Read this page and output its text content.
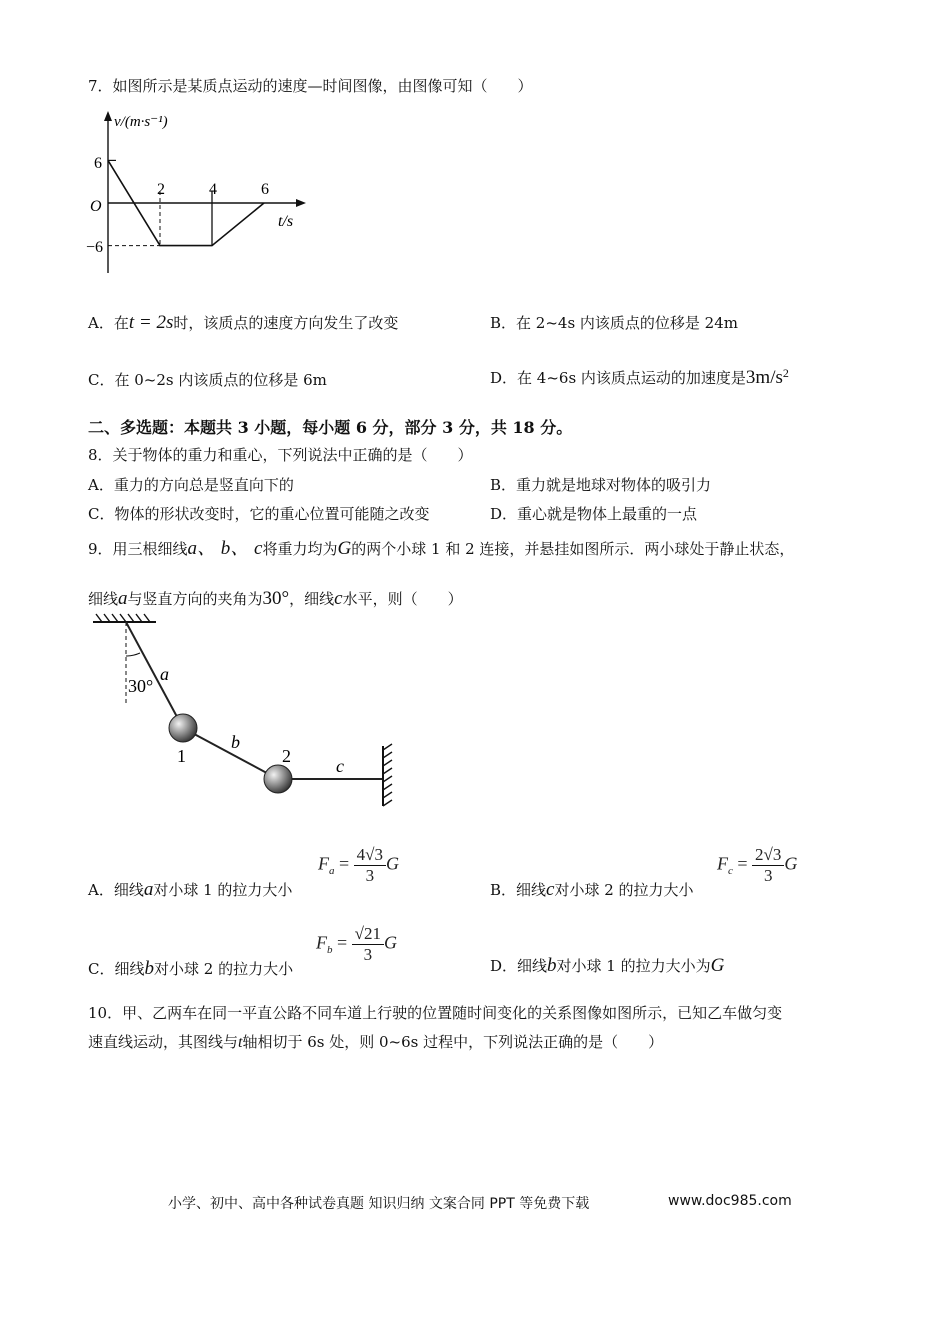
7．如图所示是某质点运动的速度—时间图像，由图像可知（　　）
v/(m·s⁻¹)
t/s
O
6
−6
2	4	6
A．在t = 2s时，该质点的速度方向发生了改变	B．在 2~4s 内该质点的位移是 24m
C．在 0~2s 内该质点的位移是 6m	D．在 4~6s 内该质点运动的加速度是$3m/s^2$
二、多选题：本题共 3 小题，每小题 6 分，部分 3 分，共 18 分。
8．关于物体的重力和重心，下列说法中正确的是（　　）
A．重力的方向总是竖直向下的	B．重力就是地球对物体的吸引力
C．物体的形状改变时，它的重心位置可能随之改变	D．重心就是物体上最重的一点
9．用三根细线a、 b、 c将重力均为G的两个小球 1 和 2 连接，并悬挂如图所示．两小球处于静止状态，
细线a与竖直方向的夹角为30°，细线c水平，则（　　）
30°
a
b
c
1	2
A．细线a对小球 1 的拉力大小
$F_a = \frac{4√3}{3}$ G
B．细线c对小球 2 的拉力大小
$F_c = \frac{2√3}{3}$ G
C．细线b对小球 2 的拉力大小
$F_b = \frac{√21}{3}$ G
D．细线b对小球 1 的拉力大小为G
10．甲、乙两车在同一平直公路不同车道上行驶的位置随时间变化的关系图像如图所示，已知乙车做匀变
速直线运动，其图线与t轴相切于 6s 处，则 0~6s 过程中，下列说法正确的是（　　）
小学、初中、高中各种试卷真题 知识归纳 文案合同 PPT 等免费下载	www.doc985.com
